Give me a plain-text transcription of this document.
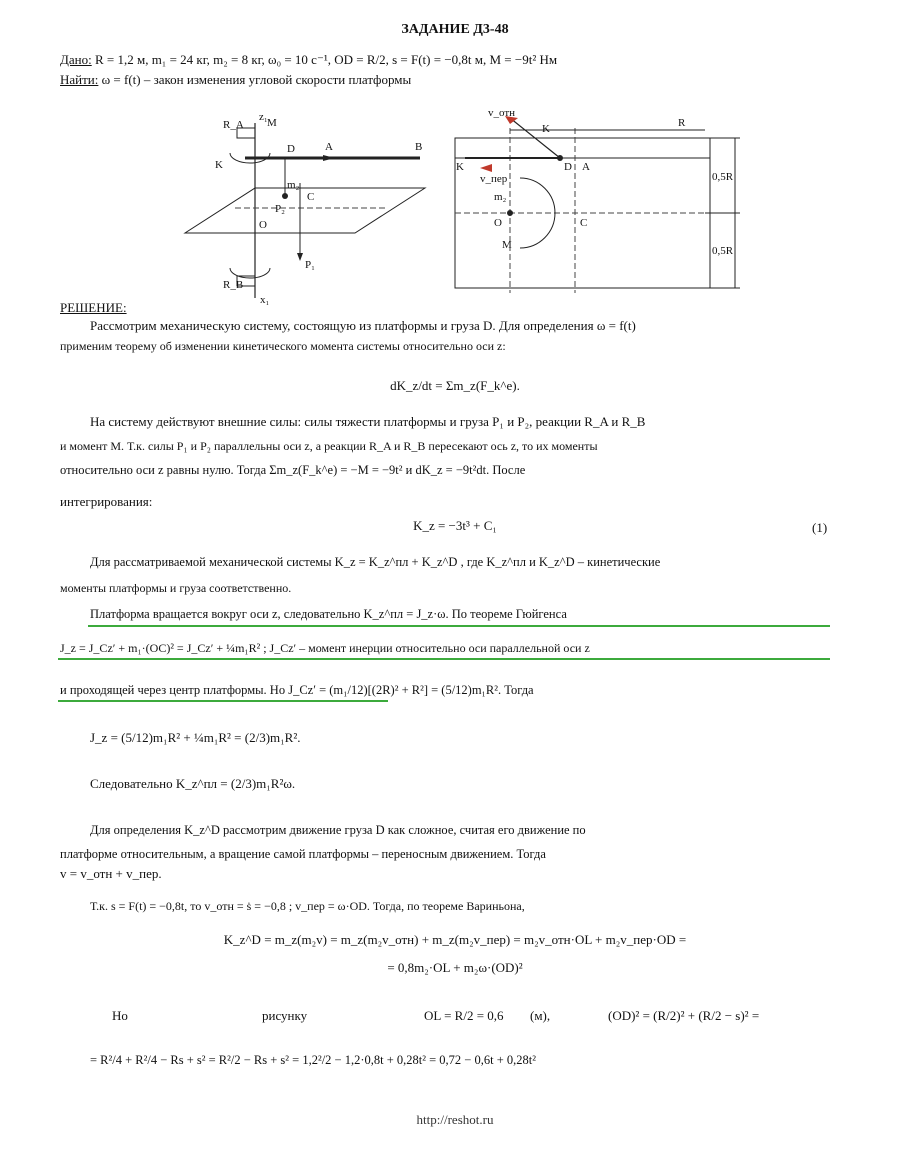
ЗАДАНИЕ Д3-48
Дано: R = 1,2 м, m₁ = 24 кг, m₂ = 8 кг, ω₀ = 10 с⁻¹, OD = R/2, s = F(t) = −0,8t м, M = −9t² Нм
Найти: ω = f(t) – закон изменения угловой скорости платформы
R_A M
z₁
D	A	B
K
O
C
P₁
P₂
R_B
m₂
x₁
v_отн
K	R
D A
K
v_пер
m₂
O	C
M
0,5R
0,5R
РЕШЕНИЕ:
Рассмотрим механическую систему, состоящую из платформы и груза D. Для определения ω = f(t)
применим теорему об изменении кинетического момента системы относительно оси z:
dK_z/dt = Σm_z(F_k^e).
На систему действуют внешние силы: силы тяжести платформы и груза P₁ и P₂, реакции R_A и R_B
и момент M. Т.к. силы P₁ и P₂ параллельны оси z, а реакции R_A и R_B пересекают ось z, то их моменты
относительно оси z равны нулю. Тогда Σm_z(F_k^e) = −M = −9t² и dK_z = −9t²dt. После
интегрирования:
K_z = −3t³ + C₁	(1)
Для рассматриваемой механической системы K_z = K_z^пл + K_z^D , где K_z^пл и K_z^D – кинетические
моменты платформы и груза соответственно.
Платформа вращается вокруг оси z, следовательно K_z^пл = J_z·ω. По теореме Гюйгенса
J_z = J_Cz′ + m₁·(OC)² = J_Cz′ + ¼m₁R² ; J_Cz′ – момент инерции относительно оси параллельной оси z
и проходящей через центр платформы. Но J_Cz′ = (m₁/12)[(2R)² + R²] = (5/12)m₁R². Тогда
J_z = (5/12)m₁R² + ¼m₁R² = (2/3)m₁R².
Следовательно K_z^пл = (2/3)m₁R²ω.
Для определения K_z^D рассмотрим движение груза D как сложное, считая его движение по
платформе относительным, а вращение самой платформы – переносным движением. Тогда
v = v_отн + v_пер.
Т.к. s = F(t) = −0,8t, то v_отн = ṡ = −0,8 ; v_пер = ω·OD. Тогда, по теореме Вариньона,
K_z^D = m_z(m₂v) = m_z(m₂v_отн) + m_z(m₂v_пер) = m₂v_отн·OL + m₂v_пер·OD =
= 0,8m₂·OL + m₂ω·(OD)²
Но	рисунку	OL = R/2 = 0,6 (м),	(OD)² = (R/2)² + (R/2 − s)² =
= R²/4 + R²/4 − Rs + s² = R²/2 − Rs + s² = 1,2²/2 − 1,2·0,8t + 0,28t² = 0,72 − 0,6t + 0,28t²
http://reshot.ru
